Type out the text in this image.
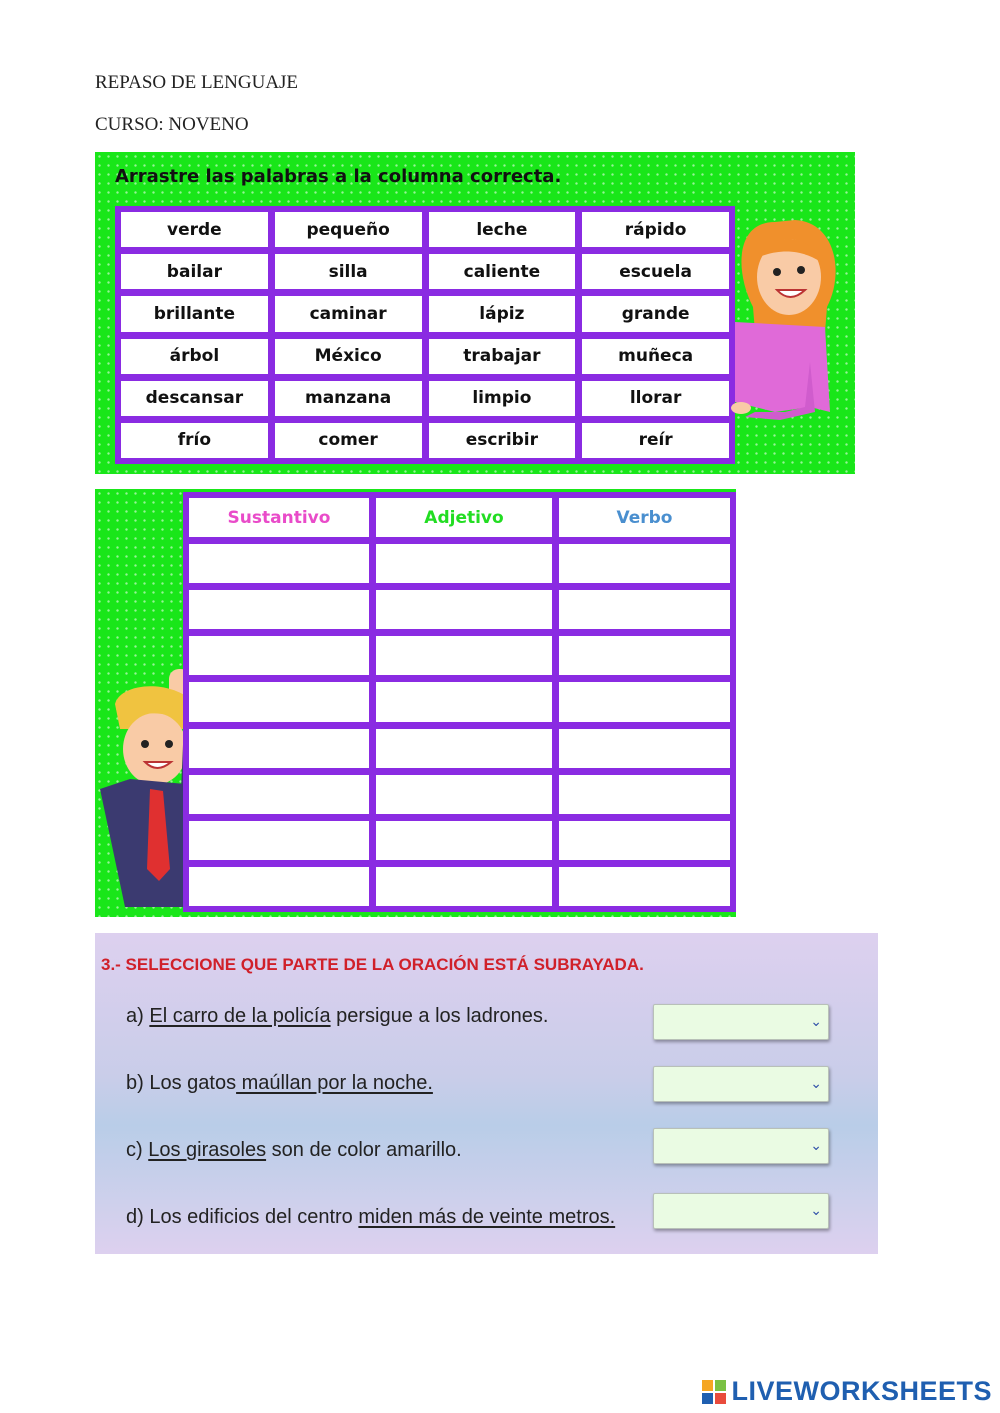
REPASO DE LENGUAJE
CURSO: NOVENO
Arrastre las palabras a la columna correcta.
verde	pequeño	leche	rápido
bailar	silla	caliente	escuela
brillante	caminar	lápiz	grande
árbol	México	trabajar	muñeca
descansar	manzana	limpio	llorar
frío	comer	escribir	reír
Sustantivo	Adjetivo	Verbo
3.- SELECCIONE QUE PARTE DE LA ORACIÓN ESTÁ SUBRAYADA.
a) El carro de la policía persigue a los ladrones.	⌄
b) Los gatos maúllan por la noche.	⌄
c) Los girasoles son de color amarillo.	⌄
d) Los edificios del centro miden más de veinte metros.	⌄
LIVEWORKSHEETS
